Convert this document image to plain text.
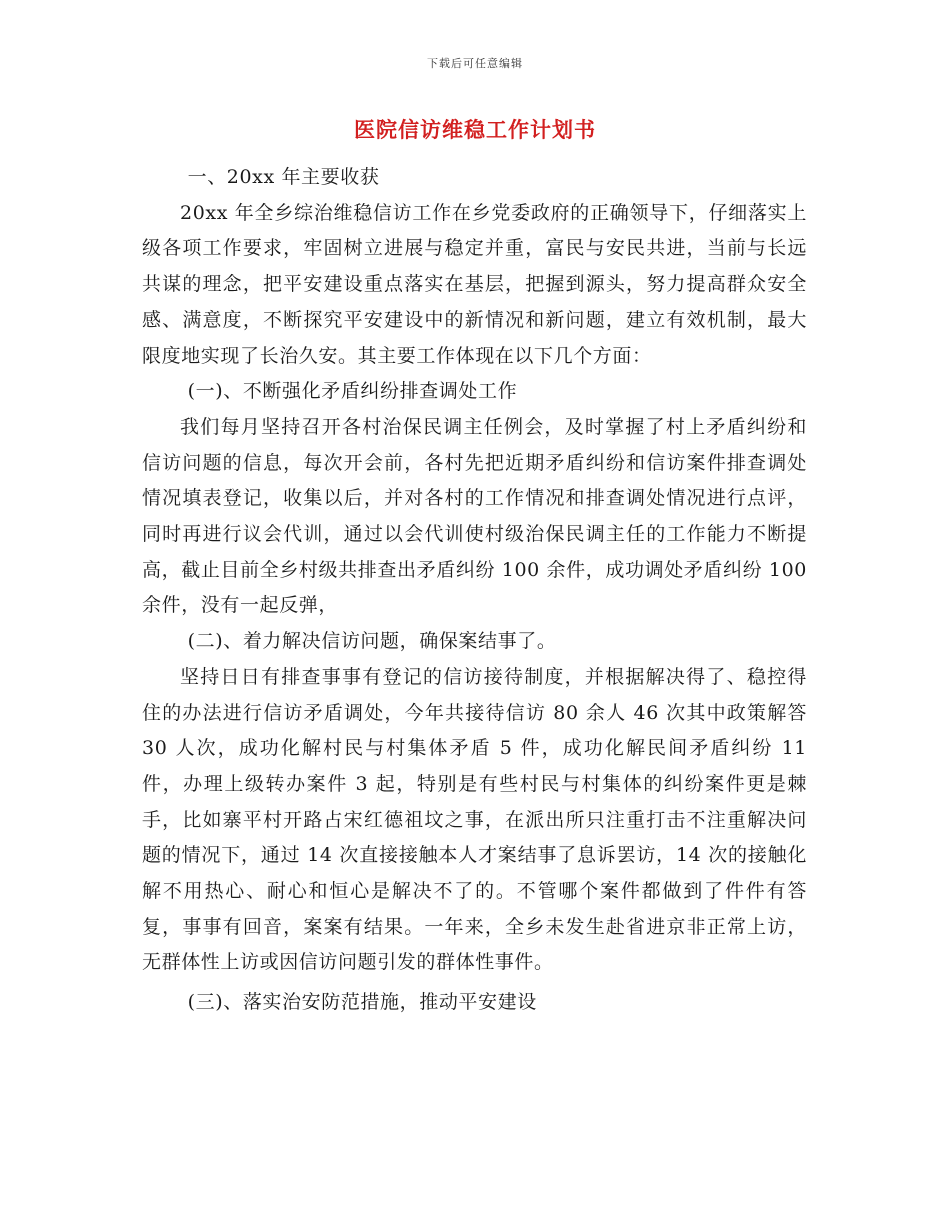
下载后可任意编辑
医院信访维稳工作计划书

一、20xx 年主要收获

20xx 年全乡综治维稳信访工作在乡党委政府的正确领导下，仔细落实上级各项工作要求，牢固树立进展与稳定并重，富民与安民共进，当前与长远共谋的理念，把平安建设重点落实在基层，把握到源头，努力提高群众安全感、满意度，不断探究平安建设中的新情况和新问题，建立有效机制，最大限度地实现了长治久安。其主要工作体现在以下几个方面：

(一)、不断强化矛盾纠纷排查调处工作

我们每月坚持召开各村治保民调主任例会，及时掌握了村上矛盾纠纷和信访问题的信息，每次开会前，各村先把近期矛盾纠纷和信访案件排查调处情况填表登记，收集以后，并对各村的工作情况和排查调处情况进行点评，同时再进行议会代训，通过以会代训使村级治保民调主任的工作能力不断提高，截止目前全乡村级共排查出矛盾纠纷 100 余件，成功调处矛盾纠纷 100 余件，没有一起反弹，

(二)、着力解决信访问题，确保案结事了。

坚持日日有排查事事有登记的信访接待制度，并根据解决得了、稳控得住的办法进行信访矛盾调处，今年共接待信访 80 余人 46 次其中政策解答 30 人次，成功化解村民与村集体矛盾 5 件，成功化解民间矛盾纠纷 11 件，办理上级转办案件 3 起，特别是有些村民与村集体的纠纷案件更是棘手，比如寨平村开路占宋红德祖坟之事，在派出所只注重打击不注重解决问题的情况下，通过 14 次直接接触本人才案结事了息诉罢访，14 次的接触化解不用热心、耐心和恒心是解决不了的。不管哪个案件都做到了件件有答复，事事有回音，案案有结果。一年来，全乡未发生赴省进京非正常上访，无群体性上访或因信访问题引发的群体性事件。

(三)、落实治安防范措施，推动平安建设
